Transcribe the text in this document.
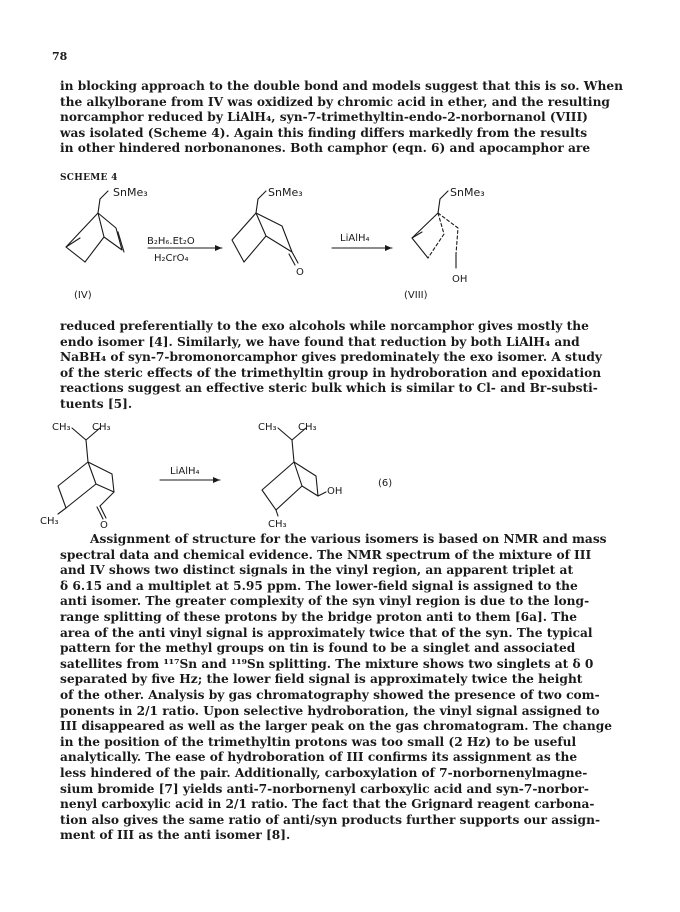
78
in blocking approach to the double bond and models suggest that this is so. When
the alkylborane from IV was oxidized by chromic acid in ether, and the resulting
norcamphor reduced by LiAlH₄, syn-7-trimethyltin-endo-2-norbornanol (VIII)
was isolated (Scheme 4). Again this finding differs markedly from the results
in other hindered norbonanones. Both camphor (eqn. 6) and apocamphor are
SCHEME 4
SnMe₃
B₂H₆.Et₂O
H₂CrO₄
SnMe₃
O
LiAlH₄
SnMe₃
OH
(IV)	(VIII)
reduced preferentially to the exo alcohols while norcamphor gives mostly the
endo isomer [4]. Similarly, we have found that reduction by both LiAlH₄ and
NaBH₄ of syn-7-bromonorcamphor gives predominately the exo isomer. A study
of the steric effects of the trimethyltin group in hydroboration and epoxidation
reactions suggest an effective steric bulk which is similar to Cl- and Br-substi-
tuents [5].
CH₃ CH₃
O
CH₃
LiAlH₄
CH₃ CH₃
OH
CH₃
(6)
Assignment of structure for the various isomers is based on NMR and mass
spectral data and chemical evidence. The NMR spectrum of the mixture of III
and IV shows two distinct signals in the vinyl region, an apparent triplet at
δ 6.15 and a multiplet at 5.95 ppm. The lower-field signal is assigned to the
anti isomer. The greater complexity of the syn vinyl region is due to the long-
range splitting of these protons by the bridge proton anti to them [6a]. The
area of the anti vinyl signal is approximately twice that of the syn. The typical
pattern for the methyl groups on tin is found to be a singlet and associated
satellites from ¹¹⁷Sn and ¹¹⁹Sn splitting. The mixture shows two singlets at δ 0
separated by five Hz; the lower field signal is approximately twice the height
of the other. Analysis by gas chromatography showed the presence of two com-
ponents in 2/1 ratio. Upon selective hydroboration, the vinyl signal assigned to
III disappeared as well as the larger peak on the gas chromatogram. The change
in the position of the trimethyltin protons was too small (2 Hz) to be useful
analytically. The ease of hydroboration of III confirms its assignment as the
less hindered of the pair. Additionally, carboxylation of 7-norbornenylmagne-
sium bromide [7] yields anti-7-norbornenyl carboxylic acid and syn-7-norbor-
nenyl carboxylic acid in 2/1 ratio. The fact that the Grignard reagent carbona-
tion also gives the same ratio of anti/syn products further supports our assign-
ment of III as the anti isomer [8].
